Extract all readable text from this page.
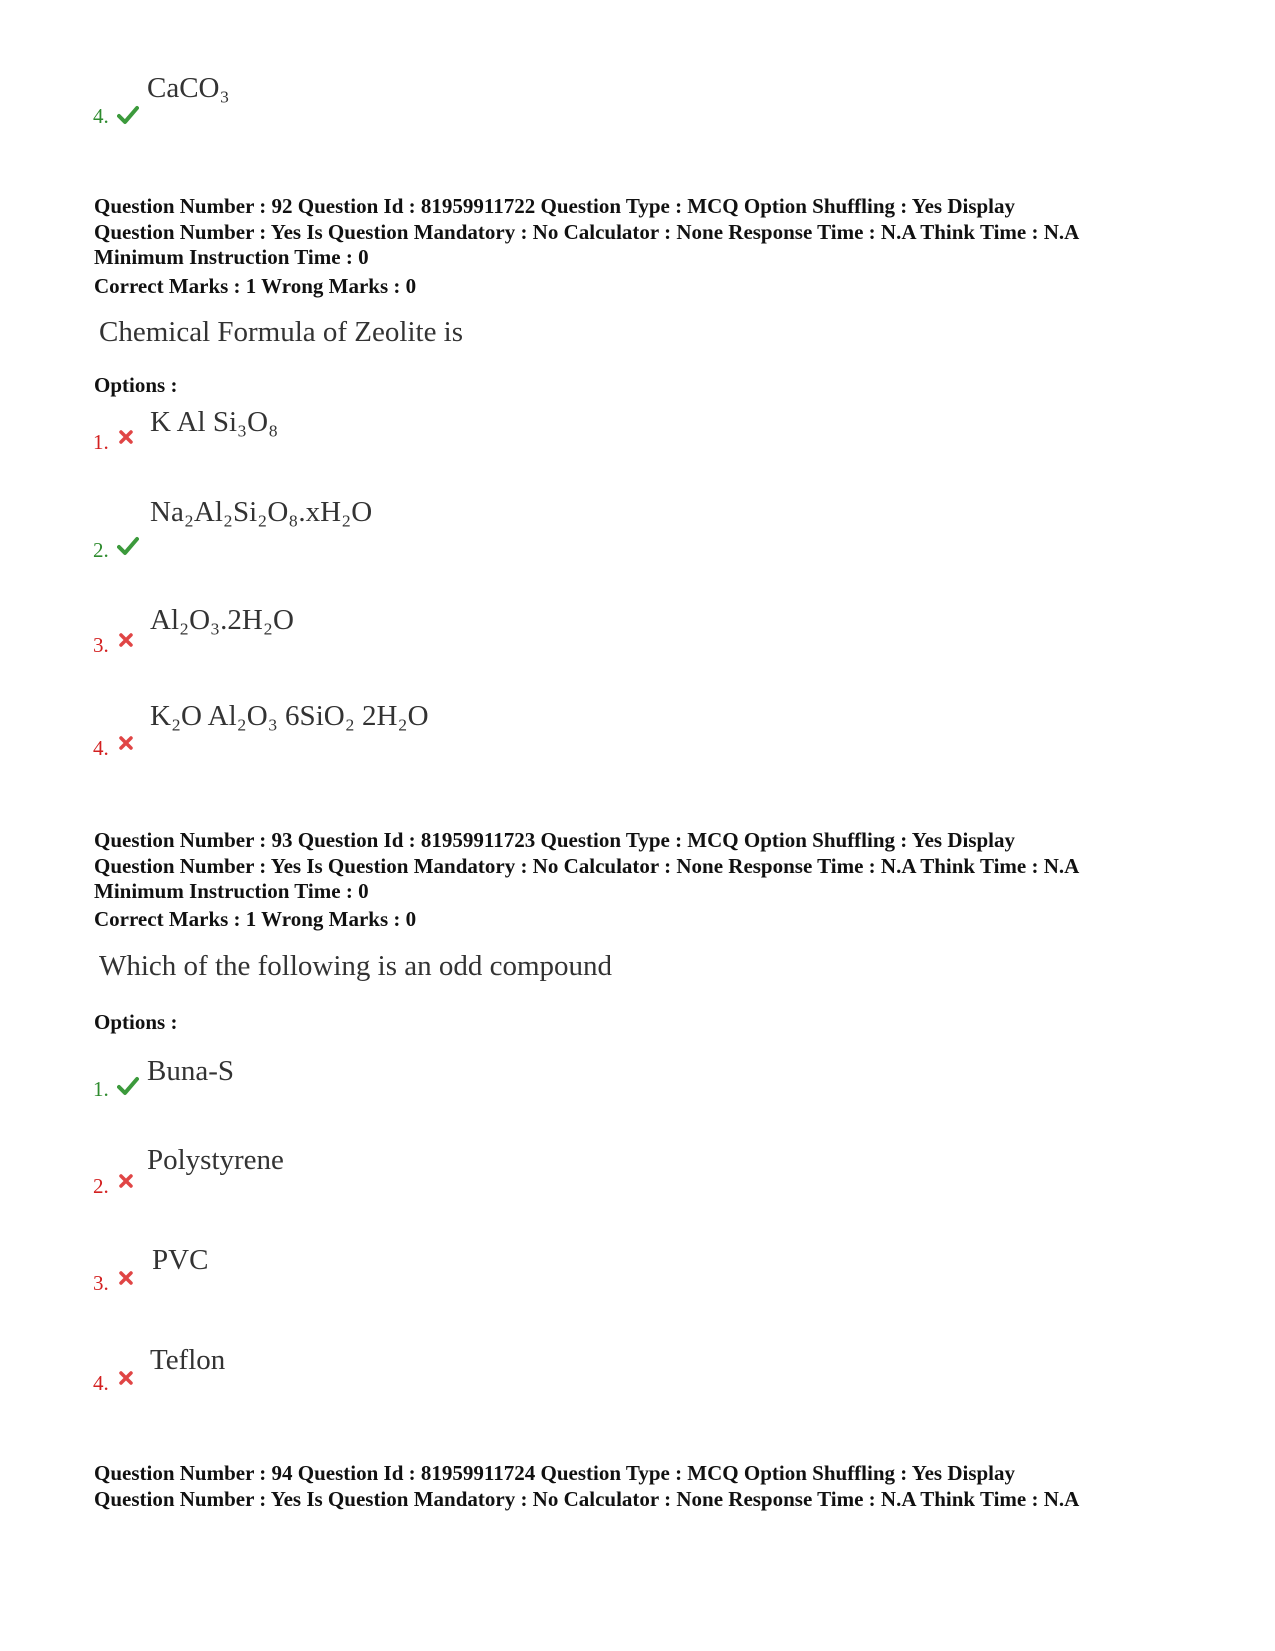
CaCO₃
4.
Question Number : 92 Question Id : 81959911722 Question Type : MCQ Option Shuffling : Yes Display
Question Number : Yes Is Question Mandatory : No Calculator : None Response Time : N.A Think Time : N.A
Minimum Instruction Time : 0
Correct Marks : 1 Wrong Marks : 0
Chemical Formula of Zeolite is
Options :
K Al Si₃O₈
1.
Na₂Al₂Si₂O₈.xH₂O
2.
Al₂O₃.2H₂O
3.
K₂O Al₂O₃ 6SiO₂ 2H₂O
4.
Question Number : 93 Question Id : 81959911723 Question Type : MCQ Option Shuffling : Yes Display
Question Number : Yes Is Question Mandatory : No Calculator : None Response Time : N.A Think Time : N.A
Minimum Instruction Time : 0
Correct Marks : 1 Wrong Marks : 0
Which of the following is an odd compound
Options :
Buna-S
1.
Polystyrene
2.
PVC
3.
Teflon
4.
Question Number : 94 Question Id : 81959911724 Question Type : MCQ Option Shuffling : Yes Display
Question Number : Yes Is Question Mandatory : No Calculator : None Response Time : N.A Think Time : N.A
